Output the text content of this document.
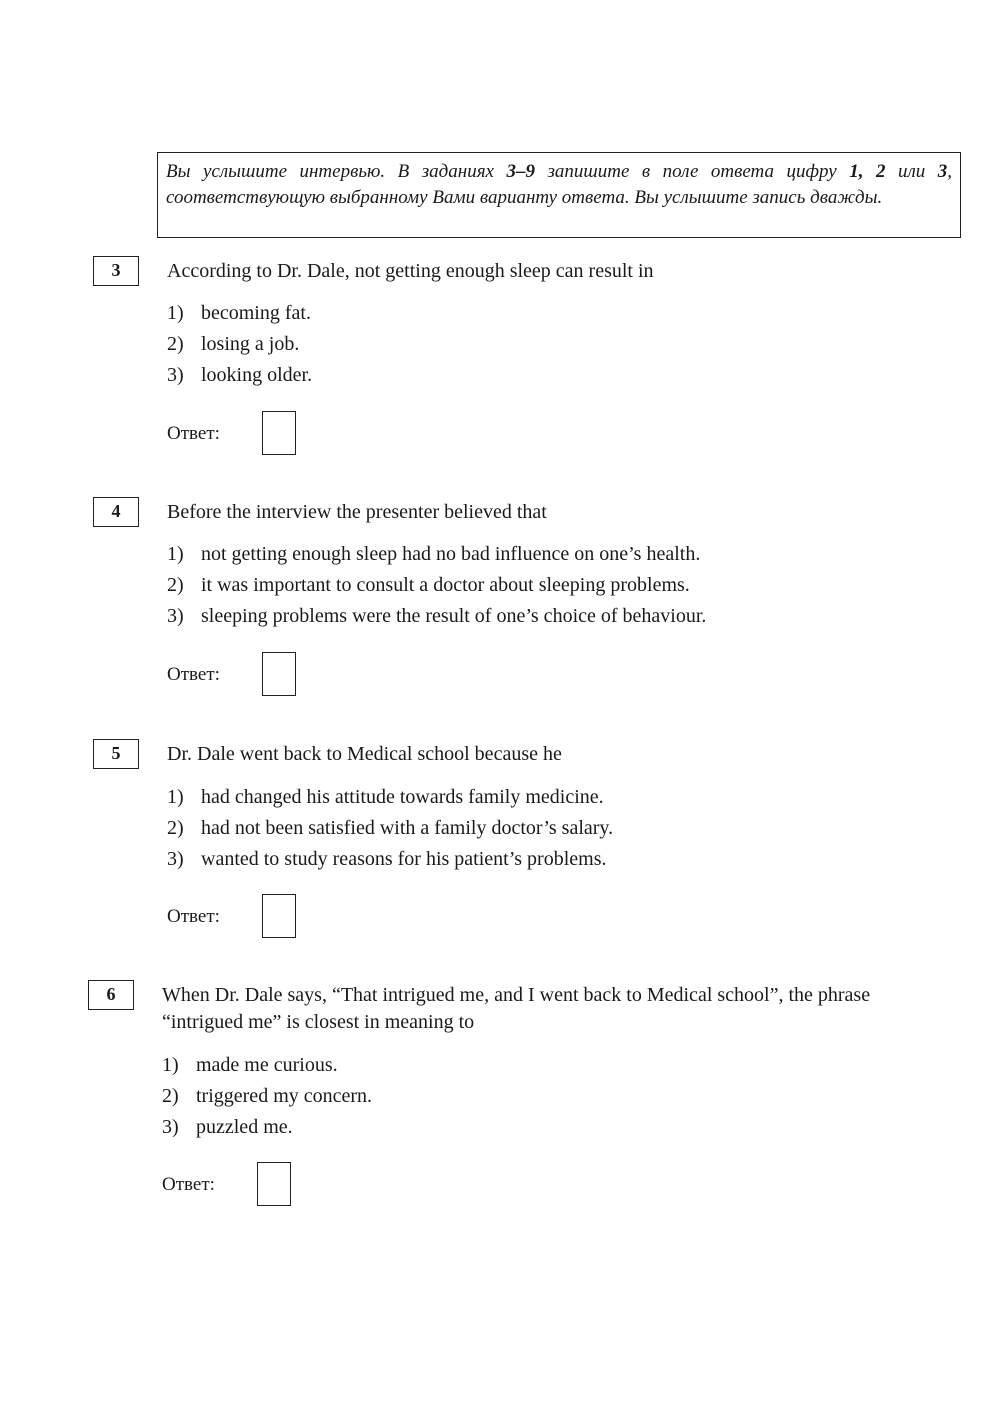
Вы услышите интервью. В заданиях 3–9 запишите в поле ответа цифру 1, 2 или 3, соответствующую выбранному Вами варианту ответа. Вы услышите запись дважды.
3	According to Dr. Dale, not getting enough sleep can result in
1) becoming fat.
2) losing a job.
3) looking older.
Ответ:
4	Before the interview the presenter believed that
1) not getting enough sleep had no bad influence on one’s health.
2) it was important to consult a doctor about sleeping problems.
3) sleeping problems were the result of one’s choice of behaviour.
Ответ:
5	Dr. Dale went back to Medical school because he
1) had changed his attitude towards family medicine.
2) had not been satisfied with a family doctor’s salary.
3) wanted to study reasons for his patient’s problems.
Ответ:
6	When Dr. Dale says, “That intrigued me, and I went back to Medical school”, the phrase “intrigued me” is closest in meaning to
1) made me curious.
2) triggered my concern.
3) puzzled me.
Ответ:
